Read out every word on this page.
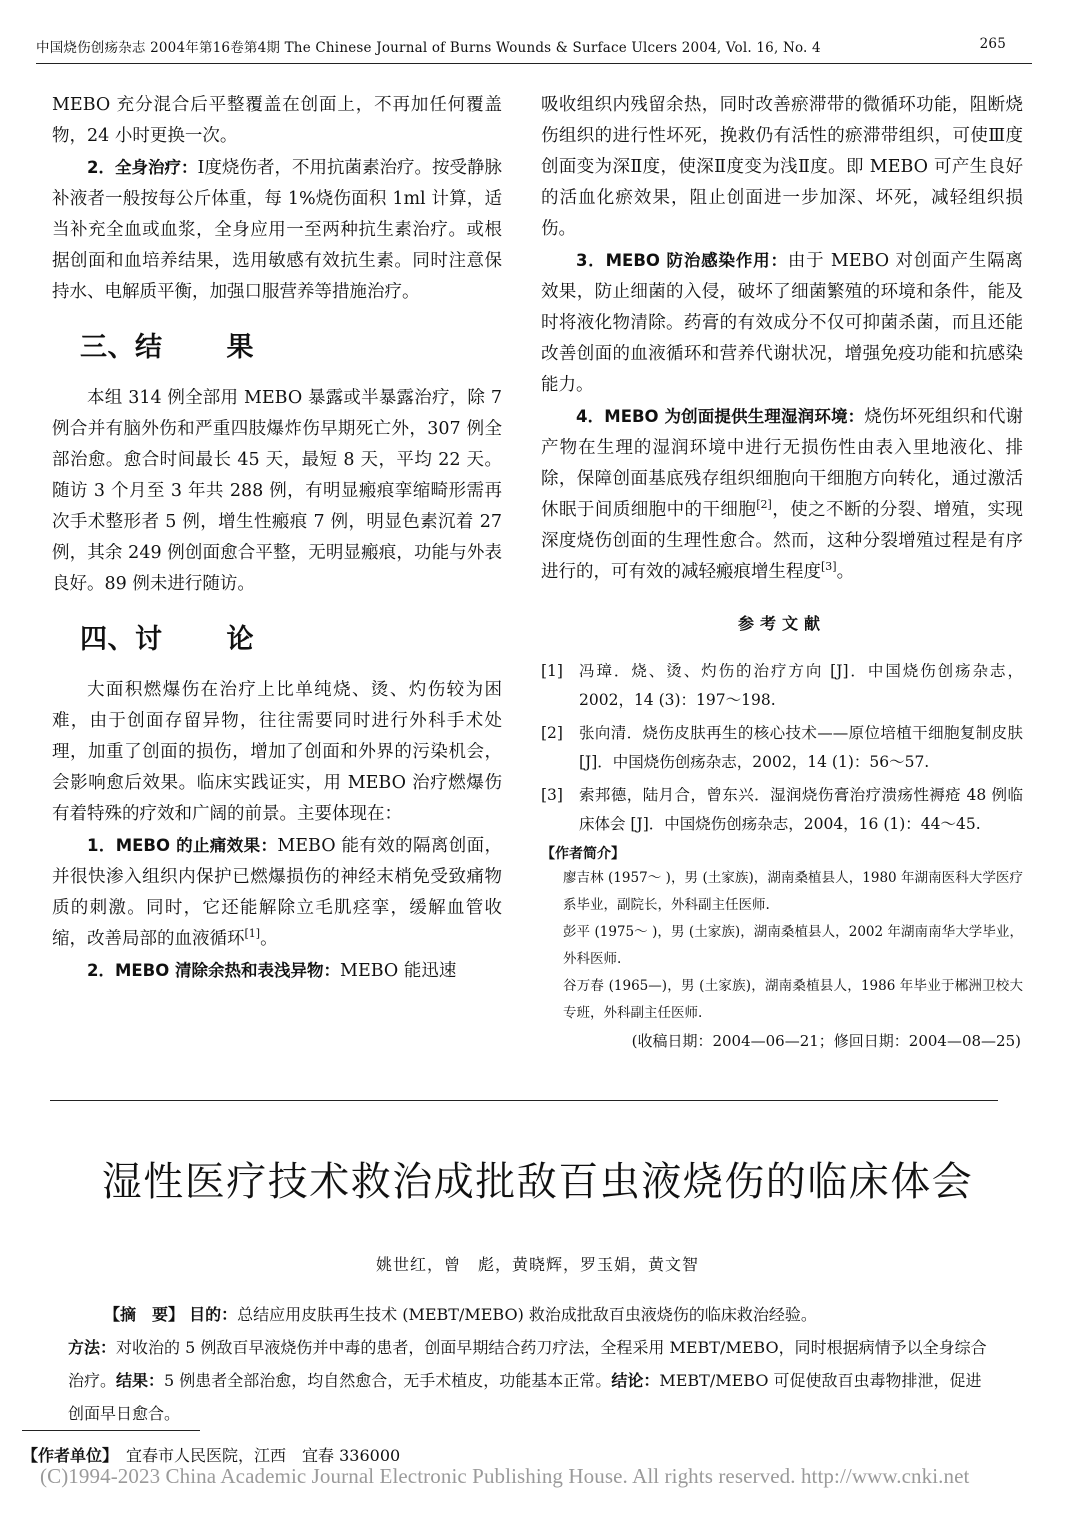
中国烧伤创疡杂志 2004年第16卷第4期 The Chinese Journal of Burns Wounds & Surface Ulcers 2004, Vol. 16, No. 4	265

MEBO 充分混合后平整覆盖在创面上，不再加任何覆盖物，24 小时更换一次。

2．全身治疗：Ⅰ度烧伤者，不用抗菌素治疗。按受静脉补液者一般按每公斤体重，每 1%烧伤面积 1ml 计算，适当补充全血或血浆，全身应用一至两种抗生素治疗。或根据创面和血培养结果，选用敏感有效抗生素。同时注意保持水、电解质平衡，加强口服营养等措施治疗。

三、结 果

本组 314 例全部用 MEBO 暴露或半暴露治疗，除 7 例合并有脑外伤和严重四肢爆炸伤早期死亡外，307 例全部治愈。愈合时间最长 45 天，最短 8 天，平均 22 天。随访 3 个月至 3 年共 288 例，有明显瘢痕挛缩畸形需再次手术整形者 5 例，增生性瘢痕 7 例，明显色素沉着 27 例，其余 249 例创面愈合平整，无明显瘢痕，功能与外表良好。89 例未进行随访。

四、讨 论

大面积燃爆伤在治疗上比单纯烧、烫、灼伤较为困难，由于创面存留异物，往往需要同时进行外科手术处理，加重了创面的损伤，增加了创面和外界的污染机会，会影响愈后效果。临床实践证实，用 MEBO 治疗燃爆伤有着特殊的疗效和广阔的前景。主要体现在：

1．MEBO 的止痛效果：MEBO 能有效的隔离创面，并很快渗入组织内保护已燃爆损伤的神经末梢免受致痛物质的刺激。同时，它还能解除立毛肌痉挛，缓解血管收缩，改善局部的血液循环[1]。

2．MEBO 清除余热和表浅异物：MEBO 能迅速

吸收组织内残留余热，同时改善瘀滞带的微循环功能，阻断烧伤组织的进行性坏死，挽救仍有活性的瘀滞带组织，可使Ⅲ度创面变为深Ⅱ度，使深Ⅱ度变为浅Ⅱ度。即 MEBO 可产生良好的活血化瘀效果，阻止创面进一步加深、坏死，减轻组织损伤。

3．MEBO 防治感染作用：由于 MEBO 对创面产生隔离效果，防止细菌的入侵，破坏了细菌繁殖的环境和条件，能及时将液化物清除。药膏的有效成分不仅可抑菌杀菌，而且还能改善创面的血液循环和营养代谢状况，增强免疫功能和抗感染能力。

4．MEBO 为创面提供生理湿润环境：烧伤坏死组织和代谢产物在生理的湿润环境中进行无损伤性由表入里地液化、排除，保障创面基底残存组织细胞向干细胞方向转化，通过激活休眠于间质细胞中的干细胞[2]，使之不断的分裂、增殖，实现深度烧伤创面的生理性愈合。然而，这种分裂增殖过程是有序进行的，可有效的减轻瘢痕增生程度[3]。

参考文献
[1]	冯璋．烧、烫、灼伤的治疗方向 [J]．中国烧伤创疡杂志，2002，14 (3)：197～198.
[2]	张向清．烧伤皮肤再生的核心技术——原位培植干细胞复制皮肤 [J]．中国烧伤创疡杂志，2002，14 (1)：56～57.
[3]	索邦德，陆月合，曾东兴．湿润烧伤膏治疗溃疡性褥疮 48 例临床体会 [J]．中国烧伤创疡杂志，2004，16 (1)：44～45.
【作者简介】
廖吉林 (1957～ )，男 (土家族)，湖南桑植县人，1980 年湖南医科大学医疗系毕业，副院长，外科副主任医师.
彭平 (1975～ )，男 (土家族)，湖南桑植县人，2002 年湖南南华大学毕业，外科医师.
谷万春 (1965—)，男 (土家族)，湖南桑植县人，1986 年毕业于郴洲卫校大专班，外科副主任医师.
(收稿日期：2004—06—21；修回日期：2004—08—25)
湿性医疗技术救治成批敌百虫液烧伤的临床体会
姚世红，曾　彪，黄晓辉，罗玉娟，黄文智
【摘　要】 目的：总结应用皮肤再生技术 (MEBT/MEBO) 救治成批敌百虫液烧伤的临床救治经验。
方法：对收治的 5 例敌百早液烧伤并中毒的患者，创面早期结合药刀疗法，全程采用 MEBT/MEBO，同时根据病情予以全身综合治疗。结果：5 例患者全部治愈，均自然愈合，无手术植皮，功能基本正常。结论：MEBT/MEBO 可促使敌百虫毒物排泄，促进创面早日愈合。
【作者单位】　 宜春市人民医院，江西　宜春 336000
(C)1994-2023 China Academic Journal Electronic Publishing House. All rights reserved. http://www.cnki.net
